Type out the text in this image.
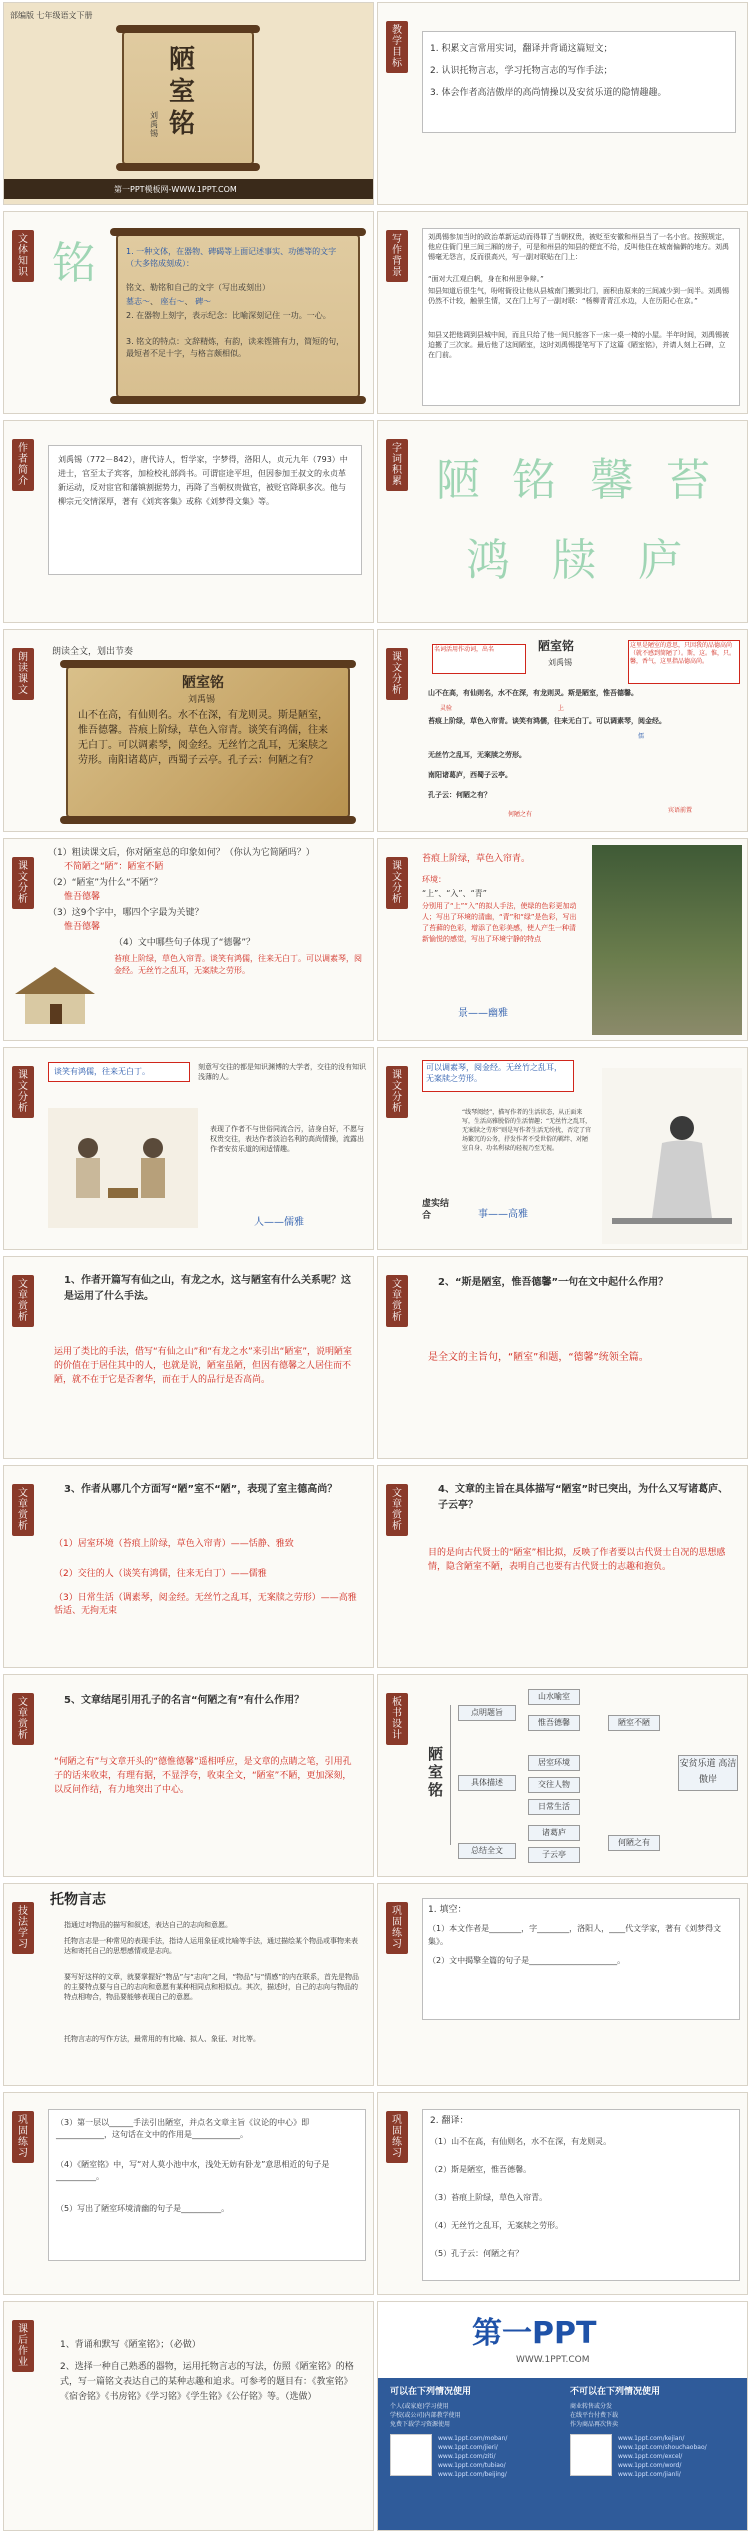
部编版 七年级语文下册
陋
室
铭
刘禹锡
第一PPT模板网-WWW.1PPT.COM
教
学
目
标
1. 积累文言常用实词，翻译并背诵这篇短文；
2. 认识托物言志，学习托物言志的写作手法；
3. 体会作者高洁傲岸的高尚情操以及安贫乐道的隐情趣趣。
文
体
知
识 铭	1. 一种文体，在器物、碑碣等上面记述事实、功德等的文字（大多铭成刻成）：
铭文、勒铭和自己的文字（写出或刻出）
墓志～、 座右～、 碑～
2. 在器物上刻字，表示纪念：比喻深刻记住 一功。一心。
3. 铭文的特点：文辞精炼，有韵，读来铿锵有力，简短的句，最短者不足十字，与格言颇相似。
写
作
背
景
刘禹锡参加当时的政治革新运动而得罪了当朝权贵，被贬至安徽和州县当了一名小官。按照规定，他应住衙门里三间三厢的房子，可是和州县的知县的便宜不给，反叫他住在城南偏僻的地方。刘禹锡毫无怨言，反而很高兴，写一副对联贴在门上：
“面对大江观白帆，身在和州思争辩。”
知县知道后很生气，吩咐衙役让他从县城南门搬到北门，面积由原来的三间减少到一间半。刘禹锡仍然不计较，触景生情，又在门上写了一副对联：“杨柳青青江水边，人在历阳心在京。”
知县又把他调到县城中间，而且只给了他一间只能容下一床一桌一椅的小屋。半年时间，刘禹锡被迫搬了三次家。最后他了这间陋室，这时刘禹锡提笔写下了这篇《陋室铭》，并请人刻上石碑，立在门前。
作
者
简
介
刘禹锡（772－842），唐代诗人，哲学家，字梦得，洛阳人，贞元九年（793）中进士，官至太子宾客，加检校礼部尚书。可谓宦途平坦，但因参加王叔文的永贞革新运动，反对宦官和藩镇割据势力，再降了当朝权贵做官，被贬官降职多次。他与柳宗元交情深厚，著有《刘宾客集》或称《刘梦得文集》等。
字
词
积
累 陋 铭 馨 苔
鸿 牍 庐
朗
读
课
文
朗读全文，划出节奏
陋室铭
刘禹锡
山不在高，有仙则名。水不在深，有龙则灵。斯是陋室，惟吾德馨。苔痕上阶绿，草色入帘青。谈笑有鸿儒，往来无白丁。可以调素琴，阅金经。无丝竹之乱耳，无案牍之劳形。南阳诸葛庐，西蜀子云亭。孔子云：何陋之有？
课
文
分
析
陋室铭
刘禹锡
名词活用作动词，出名
这里是陋室的意思，只因我的品德高尚（就不感到简陋了）。斯，这。惟，只。馨，香气，这里指品德高尚。
山不在高，有仙则名，水不在深，有龙则灵。斯是陋室，惟吾德馨。
苔痕上阶绿，草色入帘青。谈笑有鸿儒，往来无白丁。可以调素琴，阅金经。
无丝竹之乱耳，无案牍之劳形。
南阳诸葛庐，西蜀子云亭。
孔子云：何陋之有？
灵验	上
儒
宾语前置
何陋之有
课
文
分
析
（1）粗读课文后，你对陋室总的印象如何？（你认为它简陋吗？）
不简陋之“陋”：陋室不陋
（2）“陋室”为什么“不陋”？
惟吾德馨
（3）这9个字中，哪四个字最为关键？
惟吾德馨
（4）文中哪些句子体现了“德馨”？
苔痕上阶绿，草色入帘青。谈笑有鸿儒，往来无白丁。可以调素琴，阅金经。无丝竹之乱耳，无案牍之劳形。
课
文
分
析
苔痕上阶绿，草色入帘青。
环境：
“上”、“入”、“青”
分别用了“上”“入”的拟人手法，使绿的色彩更加动人；写出了环境的清幽，“青”和“绿”是色彩，写出了苔藓的色彩，增添了色彩美感，使人产生一种清新愉悦的感觉，写出了环境宁静的特点
景——幽雅
课
文
分
析
谈笑有鸿儒，往来无白丁。	刻意写交往的都是知识渊博的大学者，交往的没有知识浅薄的人。
表现了作者不与世俗同流合污，洁身自好，不愿与权贵交往，表达作者淡泊名利的高尚情操，流露出作者安贫乐道的闲适情趣。
人——儒雅
课
文
分
析
可以调素琴，阅金经。无丝竹之乱耳，无案牍之劳形。
“线琴阅经”，描写作者的生活状态，从正面来写，生活高雅脱俗的生活情趣；“无丝竹之乱耳，无案牍之劳形”则是写作者生活无纷扰，否定了官场繁冗的公务，抒发作者不受世俗的羁绊、对陋室自身、功名利禄的轻视乃至无视。
虚实结合	事——高雅
文
章
赏
析
1、作者开篇写有仙之山，有龙之水，这与陋室有什么关系呢？这是运用了什么手法。
运用了类比的手法，借写“有仙之山”和“有龙之水”来引出“陋室”，说明陋室的价值在于居住其中的人，也就是说，陋室虽陋，但因有德馨之人居住而不陋，就不在于它是否奢华，而在于人的品行是否高尚。
文
章
赏
析
2、“斯是陋室，惟吾德馨”一句在文中起什么作用？
是全文的主旨句，“陋室”和题，“德馨”统领全篇。
文
章
赏
析
3、作者从哪几个方面写“陋”室不“陋”，表现了室主德高尚？
（1）居室环境（苔痕上阶绿，草色入帘青）——恬静、雅致
（2）交往的人（谈笑有鸿儒，往来无白丁）——儒雅
（3）日常生活（调素琴，阅金经。无丝竹之乱耳，无案牍之劳形）——高雅恬适、无拘无束
文
章
赏
析
4、文章的主旨在具体描写“陋室”时已突出，为什么又写诸葛庐、子云亭？
目的是向古代贤士的“陋室”相比拟，反映了作者要以古代贤士自况的思想感情，隐含陋室不陋，表明自己也要有古代贤士的志趣和抱负。
文
章
赏
析
5、文章结尾引用孔子的名言“何陋之有”有什么作用？
“何陋之有”与文章开头的“德惟德馨”遥相呼应，是文章的点睛之笔，引用孔子的话来收束，有理有据，不显浮夸，收束全文，“陋室”不陋，更加深刻，以反问作结，有力地突出了中心。
板
书
设
计
陋室铭
点明题旨
具体描述
总结全文
山水喻室
惟吾德馨
居室环境
交往人物
日常生活
诸葛庐
子云亭
陋室不陋
何陋之有
安贫乐道 高洁傲岸
技
法
学
习
托物言志
指通过对物品的描写和叙述，表达自己的志向和意愿。
托物言志是一种常见的表现手法，指诗人运用象征或比喻等手法，通过描绘某个物品或事物来表达和寄托自己的思想感情或是志向。
要写好这样的文章，就要掌握好“物品”与“志向”之间，“物品”与“情感”的内在联系，首先是物品的主要特点要与自己的志向和意愿有某种相同点和相似点。其次，描述时，自己的志向与物品的特点相吻合，物品要能够表现自己的意愿。
托物言志的写作方法，最常用的有比喻、拟人、象征、对比等。
巩
固
练
习
1. 填空：
（1）本文作者是________，字________，洛阳人，____代文学家，著有《刘梦得文集》。
（2）文中揭擎全篇的句子是______________________。
巩
固
练
习
（3）第一层以______手法引出陋室，并点名文章主旨《议论的中心》即____________，这句话在文中的作用是____________。
（4）《陋室铭》中，写“对人莫小池中水，浅处无妨有卧龙”意思相近的句子是__________。
（5）写出了陋室环境清幽的句子是__________。
巩
固
练
习
2. 翻译：
（1）山不在高，有仙则名，水不在深，有龙则灵。
（2）斯是陋室，惟吾德馨。
（3）苔痕上阶绿，草色入帘青。
（4）无丝竹之乱耳，无案牍之劳形。
（5）孔子云：何陋之有？
课
后
作
业
1、背诵和默写《陋室铭》；（必做）
2、选择一种自己熟悉的器物，运用托物言志的写法，仿照《陋室铭》的格式，写一篇铭文表达自己的某种志趣和追求。可参考的题目有：《教室铭》《宿舍铭》《书房铭》《学习铭》《学生铭》《公仔铭》等。（选做）
第一PPT
WWW.1PPT.COM
可以在下列情况使用	不可以在下列情况使用
个人(或家庭)学习使用
学校(或公司)内部教学使用
免费下载学习资源使用
商业转售或分发
在线平台付费下载
作为商品再次售卖
www.1ppt.com/moban/
www.1ppt.com/jieri/
www.1ppt.com/ziti/
www.1ppt.com/tubiao/
www.1ppt.com/beijing/
www.1ppt.com/kejian/
www.1ppt.com/shouchaobao/
www.1ppt.com/excel/
www.1ppt.com/word/
www.1ppt.com/jianli/
